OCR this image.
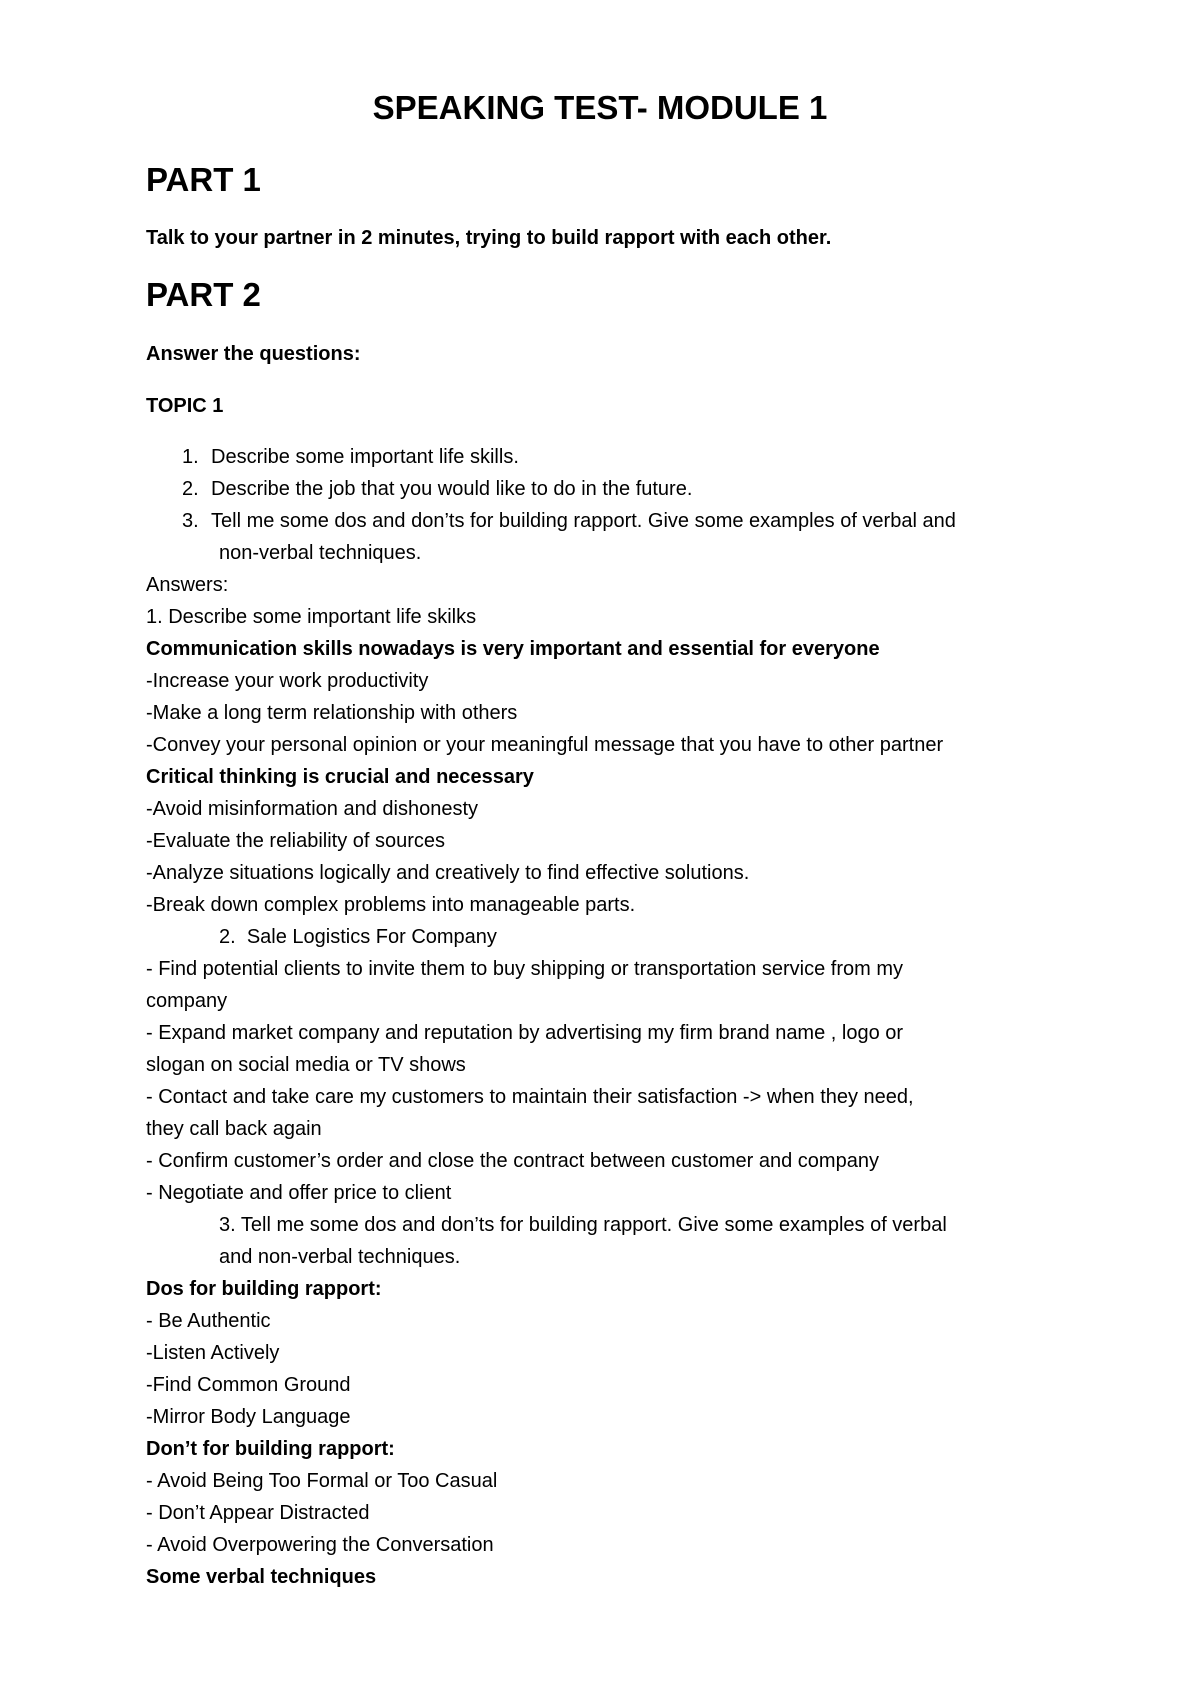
SPEAKING TEST- MODULE 1
PART 1

Talk to your partner in 2 minutes, trying to build rapport with each other.

PART 2

Answer the questions:

TOPIC 1

1. Describe some important life skills.

2. Describe the job that you would like to do in the future.

3. Tell me some dos and don’ts for building rapport. Give some examples of verbal and

non-verbal techniques.

Answers:

1. Describe some important life skilks

Communication skills nowadays is very important and essential for everyone

-Increase your work productivity

-Make a long term relationship with others

-Convey your personal opinion or your meaningful message that you have to other partner

Critical thinking is crucial and necessary

-Avoid misinformation and dishonesty

-Evaluate the reliability of sources

-Analyze situations logically and creatively to find effective solutions.

-Break down complex problems into manageable parts.

2. Sale Logistics For Company

- Find potential clients to invite them to buy shipping or transportation service from my

company

- Expand market company and reputation by advertising my firm brand name , logo or

slogan on social media or TV shows

- Contact and take care my customers to maintain their satisfaction -> when they need,

they call back again

- Confirm customer’s order and close the contract between customer and company

- Negotiate and offer price to client

3. Tell me some dos and don’ts for building rapport. Give some examples of verbal

and non-verbal techniques.

Dos for building rapport:

- Be Authentic

-Listen Actively

-Find Common Ground

-Mirror Body Language

Don’t for building rapport:

- Avoid Being Too Formal or Too Casual

- Don’t Appear Distracted

- Avoid Overpowering the Conversation

Some verbal techniques
